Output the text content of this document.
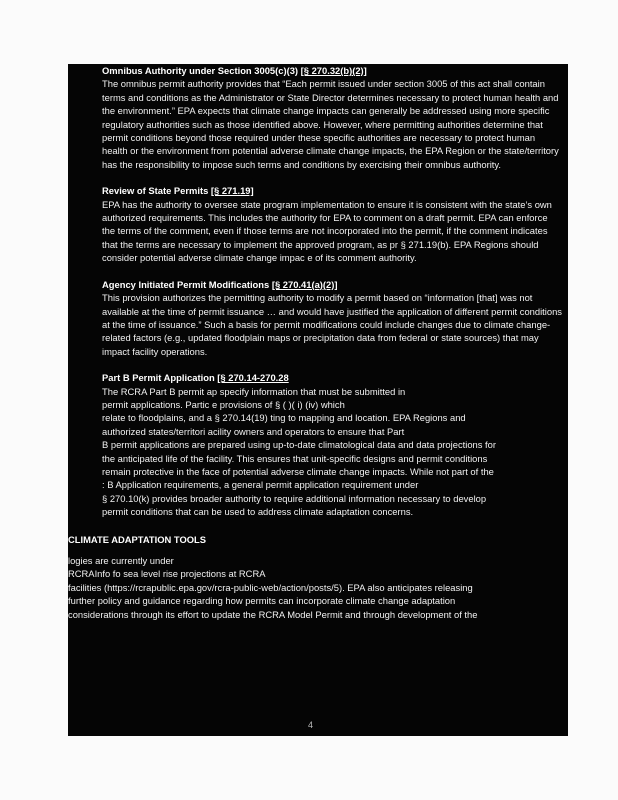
Omnibus Authority under Section 3005(c)(3) [§ 270.32(b)(2)]

The omnibus permit authority provides that “Each permit issued under section 3005 of this act shall contain terms and conditions as the Administrator or State Director determines necessary to protect human health and the environment.” EPA expects that climate change impacts can generally be addressed using more specific regulatory authorities such as those identified above. However, where permitting authorities determine that permit conditions beyond those required under these specific authorities are necessary to protect human health or the environment from potential adverse climate change impacts, the EPA Region or the state/territory has the responsibility to impose such terms and conditions by exercising their omnibus authority.

Review of State Permits [§ 271.19]

EPA has the authority to oversee state program implementation to ensure it is consistent with the state’s own authorized requirements. This includes the authority for EPA to comment on a draft permit. EPA can enforce the terms of the comment, even if those terms are not incorporated into the permit, if the comment indicates that the terms are necessary to implement the approved program, as pr § 271.19(b). EPA Regions should consider potential adverse climate change impac e of its comment authority.

Agency Initiated Permit Modifications [§ 270.41(a)(2)]

This provision authorizes the permitting authority to modify a permit based on “information [that] was not available at the time of permit issuance … and would have justified the application of different permit conditions at the time of issuance.” Such a basis for permit modifications could include changes due to climate change-related factors (e.g., updated floodplain maps or precipitation data from federal or state sources) that may impact facility operations.

Part B Permit Application [§ 270.14-270.28
The RCRA Part B permit ap specify information that must be submitted in
permit applications. Partic e provisions of § ( )( i) (iv) which
relate to floodplains, and a § 270.14(19) ting to mapping and location. EPA Regions and
authorized states/territori acility owners and operators to ensure that Part
B permit applications are prepared using up-to-date climatological data and data projections for
the anticipated life of the facility. This ensures that unit-specific designs and permit conditions
remain protective in the face of potential adverse climate change impacts. While not part of the
: B Application requirements, a general permit application requirement under
§ 270.10(k) provides broader authority to require additional information necessary to develop
permit conditions that can be used to address climate adaptation concerns.
CLIMATE ADAPTATION TOOLS
logies are currently under
RCRAInfo fo sea level rise projections at RCRA
facilities (https://rcrapublic.epa.gov/rcra-public-web/action/posts/5). EPA also anticipates releasing
further policy and guidance regarding how permits can incorporate climate change adaptation
considerations through its effort to update the RCRA Model Permit and through development of the
4
